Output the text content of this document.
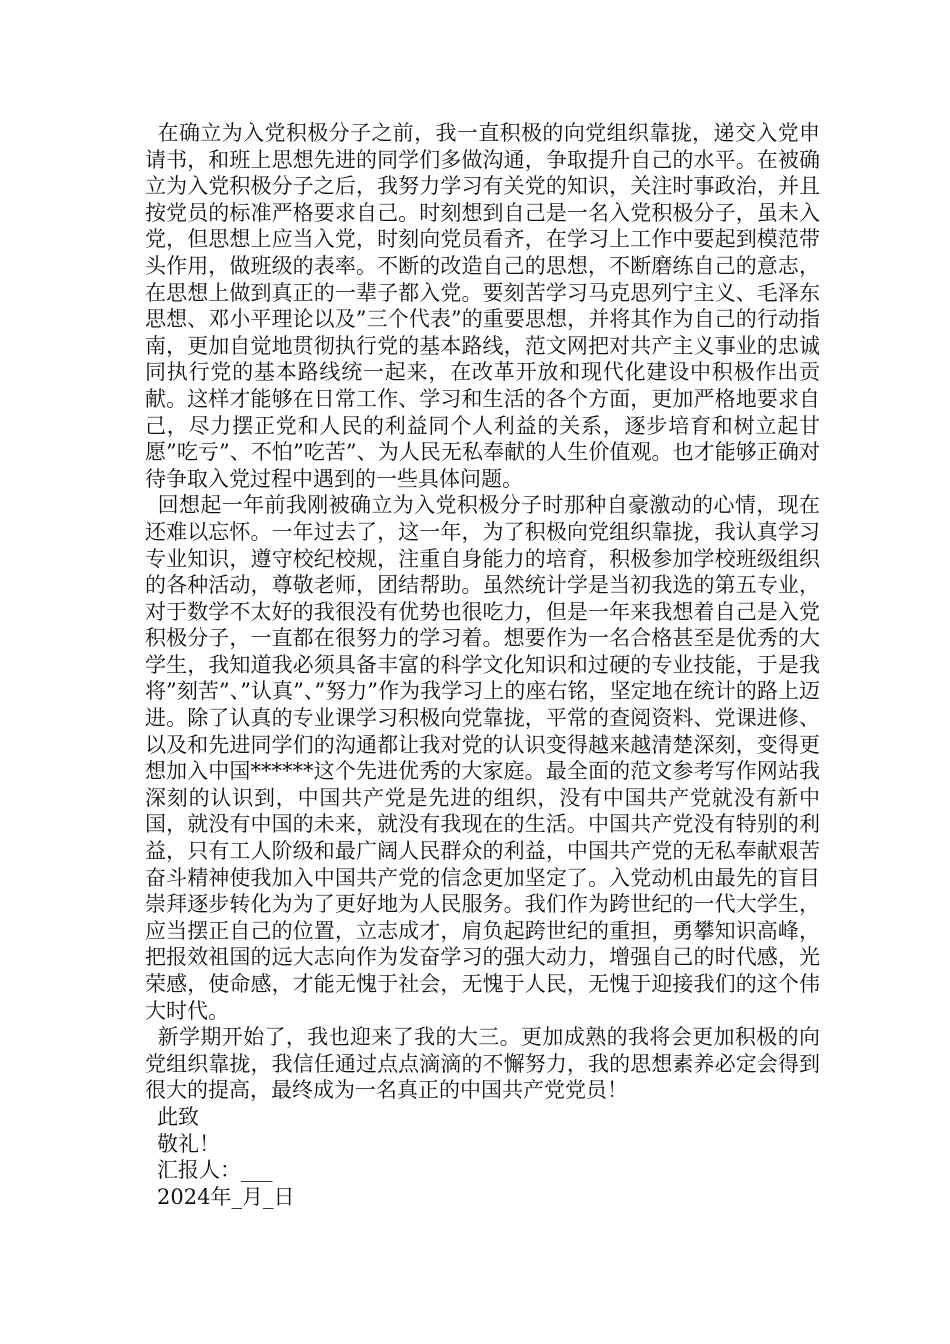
在确立为入党积极分子之前，我一直积极的向党组织靠拢，递交入党申请书，和班上思想先进的同学们多做沟通，争取提升自己的水平。在被确立为入党积极分子之后，我努力学习有关党的知识，关注时事政治，并且按党员的标准严格要求自己。时刻想到自己是一名入党积极分子，虽未入党，但思想上应当入党，时刻向党员看齐，在学习上工作中要起到模范带头作用，做班级的表率。不断的改造自己的思想，不断磨练自己的意志，在思想上做到真正的一辈子都入党。要刻苦学习马克思列宁主义、毛泽东思想、邓小平理论以及”三个代表”的重要思想，并将其作为自己的行动指南，更加自觉地贯彻执行党的基本路线，范文网把对共产主义事业的忠诚同执行党的基本路线统一起来，在改革开放和现代化建设中积极作出贡献。这样才能够在日常工作、学习和生活的各个方面，更加严格地要求自己，尽力摆正党和人民的利益同个人利益的关系，逐步培育和树立起甘愿”吃亏”、不怕”吃苦”、为人民无私奉献的人生价值观。也才能够正确对待争取入党过程中遇到的一些具体问题。

回想起一年前我刚被确立为入党积极分子时那种自豪激动的心情，现在还难以忘怀。一年过去了，这一年，为了积极向党组织靠拢，我认真学习专业知识，遵守校纪校规，注重自身能力的培育，积极参加学校班级组织的各种活动，尊敬老师，团结帮助。虽然统计学是当初我选的第五专业，对于数学不太好的我很没有优势也很吃力，但是一年来我想着自己是入党积极分子，一直都在很努力的学习着。想要作为一名合格甚至是优秀的大学生，我知道我必须具备丰富的科学文化知识和过硬的专业技能，于是我将”刻苦”、”认真”、”努力”作为我学习上的座右铭，坚定地在统计的路上迈进。除了认真的专业课学习积极向党靠拢，平常的查阅资料、党课进修、以及和先进同学们的沟通都让我对党的认识变得越来越清楚深刻，变得更想加入中国******这个先进优秀的大家庭。最全面的范文参考写作网站我深刻的认识到，中国共产党是先进的组织，没有中国共产党就没有新中国，就没有中国的未来，就没有我现在的生活。中国共产党没有特别的利益，只有工人阶级和最广阔人民群众的利益，中国共产党的无私奉献艰苦奋斗精神使我加入中国共产党的信念更加坚定了。入党动机由最先的盲目崇拜逐步转化为为了更好地为人民服务。我们作为跨世纪的一代大学生，应当摆正自己的位置，立志成才，肩负起跨世纪的重担，勇攀知识高峰，把报效祖国的远大志向作为发奋学习的强大动力，增强自己的时代感，光荣感，使命感，才能无愧于社会，无愧于人民，无愧于迎接我们的这个伟大时代。

新学期开始了，我也迎来了我的大三。更加成熟的我将会更加积极的向党组织靠拢，我信任通过点点滴滴的不懈努力，我的思想素养必定会得到很大的提高，最终成为一名真正的中国共产党党员！

此致

敬礼！

汇报人：___

2024年_月_日
